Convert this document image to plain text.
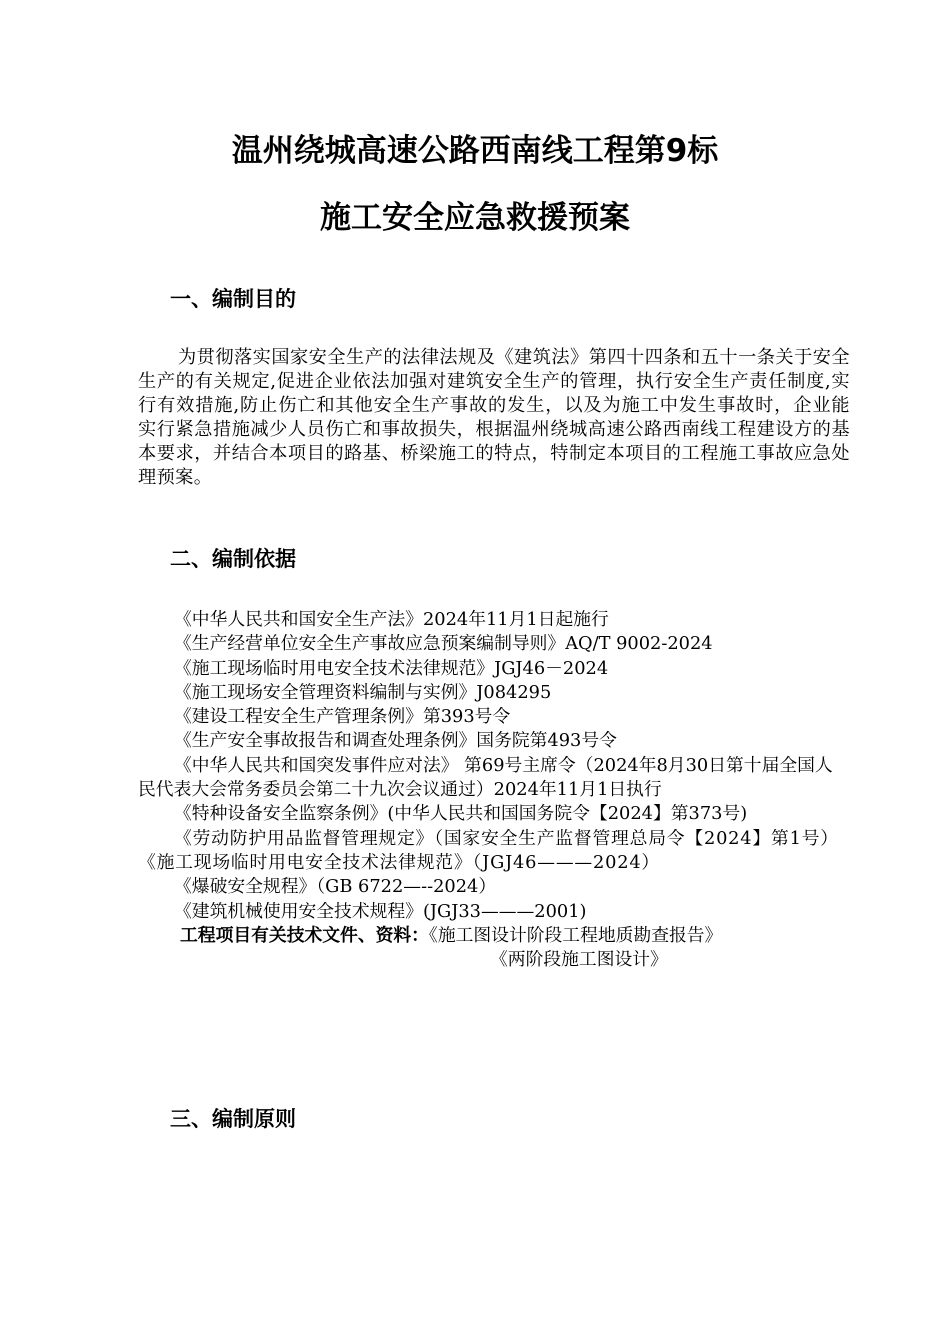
温州绕城高速公路西南线工程第9标
施工安全应急救援预案
一、编制目的

为贯彻落实国家安全生产的法律法规及《建筑法》第四十四条和五十一条关于安全生产的有关规定,促进企业依法加强对建筑安全生产的管理，执行安全生产责任制度,实行有效措施,防止伤亡和其他安全生产事故的发生，以及为施工中发生事故时，企业能实行紧急措施减少人员伤亡和事故损失，根据温州绕城高速公路西南线工程建设方的基本要求，并结合本项目的路基、桥梁施工的特点，特制定本项目的工程施工事故应急处理预案。

二、编制依据
《中华人民共和国安全生产法》2024年11月1日起施行
《生产经营单位安全生产事故应急预案编制导则》AQ/T 9002-2024
《施工现场临时用电安全技术法律规范》JGJ46－2024
《施工现场安全管理资料编制与实例》J084295
《建设工程安全生产管理条例》第393号令
《生产安全事故报告和调查处理条例》国务院第493号令
《中华人民共和国突发事件应对法》 第69号主席令（2024年8月30日第十届全国人民代表大会常务委员会第二十九次会议通过）2024年11月1日执行
《特种设备安全监察条例》(中华人民共和国国务院令【2024】第373号)
《劳动防护用品监督管理规定》（国家安全生产监督管理总局令【2024】第1号）《施工现场临时用电安全技术法律规范》（JGJ46———2024）
《爆破安全规程》（GB 6722—--2024）
《建筑机械使用安全技术规程》(JGJ33———2001)
工程项目有关技术文件、资料：《施工图设计阶段工程地质勘查报告》
《两阶段施工图设计》
三、编制原则
